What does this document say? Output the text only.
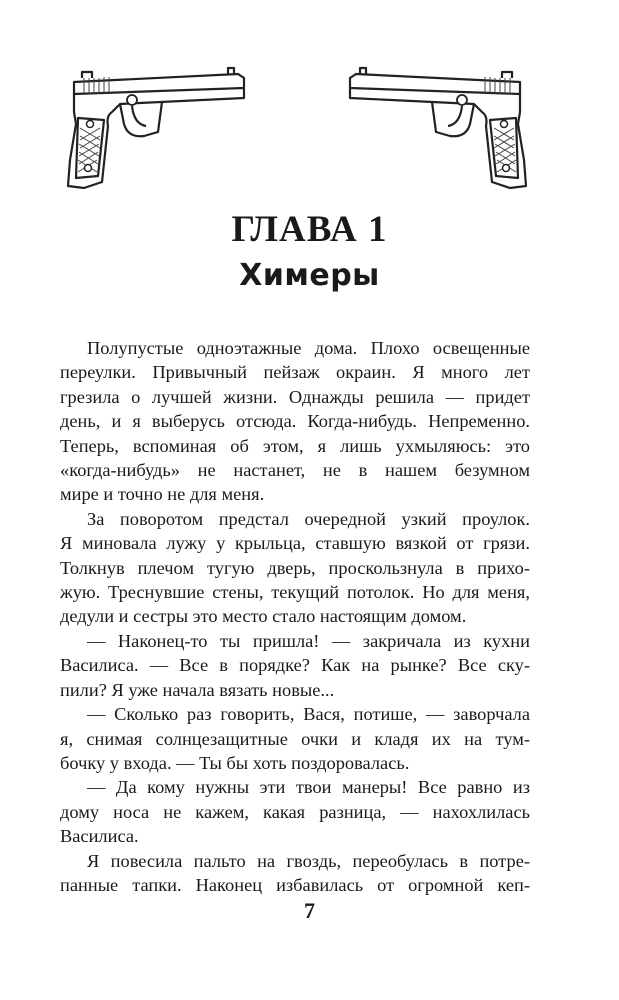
ГЛАВА 1
Химеры
Полупустые одноэтажные дома. Плохо освещенные
переулки. Привычный пейзаж окраин. Я много лет
грезила о лучшей жизни. Однажды решила — придет
день, и я выберусь отсюда. Когда-нибудь. Непременно.
Теперь, вспоминая об этом, я лишь ухмыляюсь: это
«когда-нибудь» не настанет, не в нашем безумном
мире и точно не для меня.
За поворотом предстал очередной узкий проулок.
Я миновала лужу у крыльца, ставшую вязкой от грязи.
Толкнув плечом тугую дверь, проскользнула в прихо-
жую. Треснувшие стены, текущий потолок. Но для меня,
дедули и сестры это место стало настоящим домом.
— Наконец-то ты пришла! — закричала из кухни
Василиса. — Все в порядке? Как на рынке? Все ску-
пили? Я уже начала вязать новые...
— Сколько раз говорить, Вася, потише, — заворчала
я, снимая солнцезащитные очки и кладя их на тум-
бочку у входа. — Ты бы хоть поздоровалась.
— Да кому нужны эти твои манеры! Все равно из
дому носа не кажем, какая разница, — нахохлилась
Василиса.
Я повесила пальто на гвоздь, переобулась в потре-
панные тапки. Наконец избавилась от огромной кеп-
7
